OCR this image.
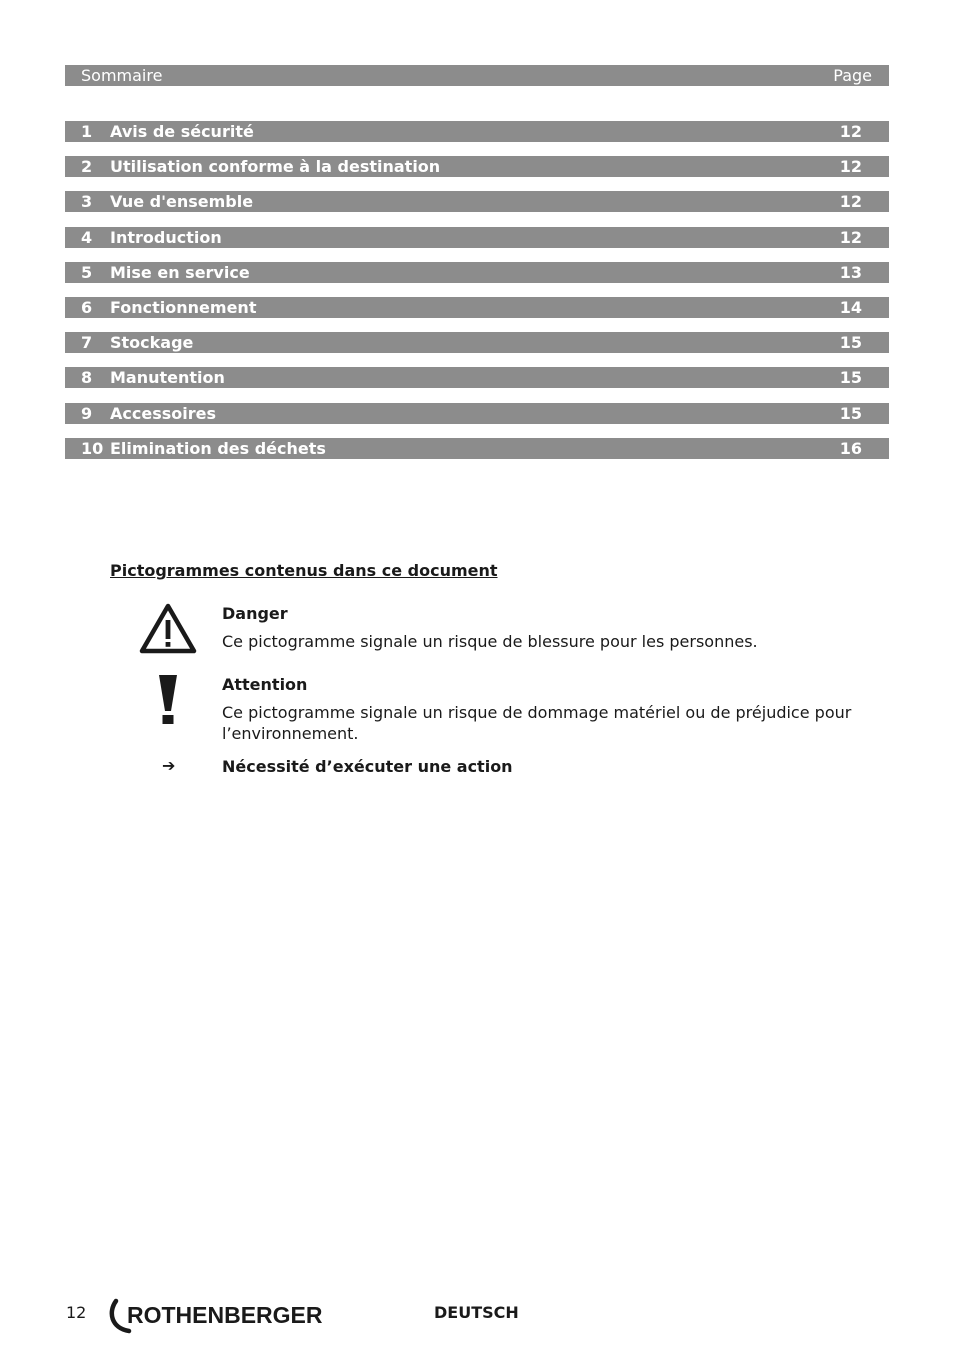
Sommaire	Page
1 Avis de sécurité	12
2 Utilisation conforme à la destination	12
3 Vue d'ensemble	12
4 Introduction	12
5 Mise en service	13
6 Fonctionnement	14
7 Stockage	15
8 Manutention	15
9 Accessoires	15
10 Elimination des déchets	16
Pictogrammes contenus dans ce document
Danger
Ce pictogramme signale un risque de blessure pour les personnes.
Attention
Ce pictogramme signale un risque de dommage matériel ou de préjudice pour l’environnement.
➔	Nécessité d’exécuter une action
12 ROTHENBERGER	DEUTSCH
